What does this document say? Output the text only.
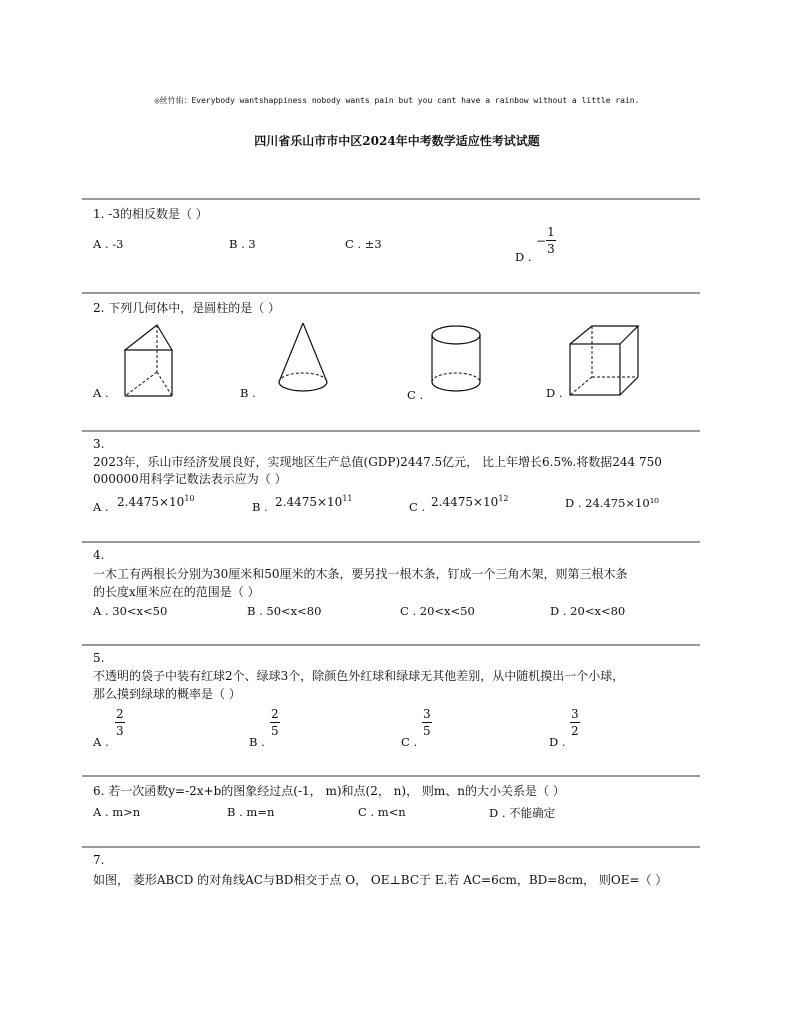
◎丝竹佑：Everybody wantshappiness nobody wants pain but you cant have a rainbow without a little rain.
四川省乐山市市中区2024年中考数学适应性考试试题
1. -3的相反数是（ ）
A . -3	B . 3	C . ±3
D .
− $\frac{1}{3}$
2. 下列几何体中，是圆柱的是（ ）
A .	B .	C .	D .
3.
2023年，乐山市经济发展良好，实现地区生产总值(GDP)2447.5亿元， 比上年增长6.5%.将数据244 750
000000用科学记数法表示应为（ ）
A . $2.4475\times 10^{10}$
B . $2.4475\times 10^{11}$
C . $2.4475\times 10^{12}$	D . 24.475×10¹⁰
4.
一木工有两根长分别为30厘米和50厘米的木条，要另找一根木条，钉成一个三角木架，则第三根木条
的长度x厘米应在的范围是（ ）
A . 30<x<50	B . 50<x<80	C . 20<x<50	D . 20<x<80
5.
不透明的袋子中装有红球2个、绿球3个，除颜色外红球和绿球无其他差别，从中随机摸出一个小球，
那么摸到绿球的概率是（ ）
A .
$\frac{2}{3}$
B .
$\frac{2}{5}$
C .
$\frac{3}{5}$
D .
$\frac{3}{2}$
6. 若一次函数y=-2x+b的图象经过点(-1， m)和点(2， n)， 则m、n的大小关系是（ ）
A . m>n	B . m=n	C . m<n	D . 不能确定
7.
如图， 菱形ABCD 的对角线AC与BD相交于点 O， OE⊥BC于 E.若 AC=6cm，BD=8cm， 则OE=（ ）
